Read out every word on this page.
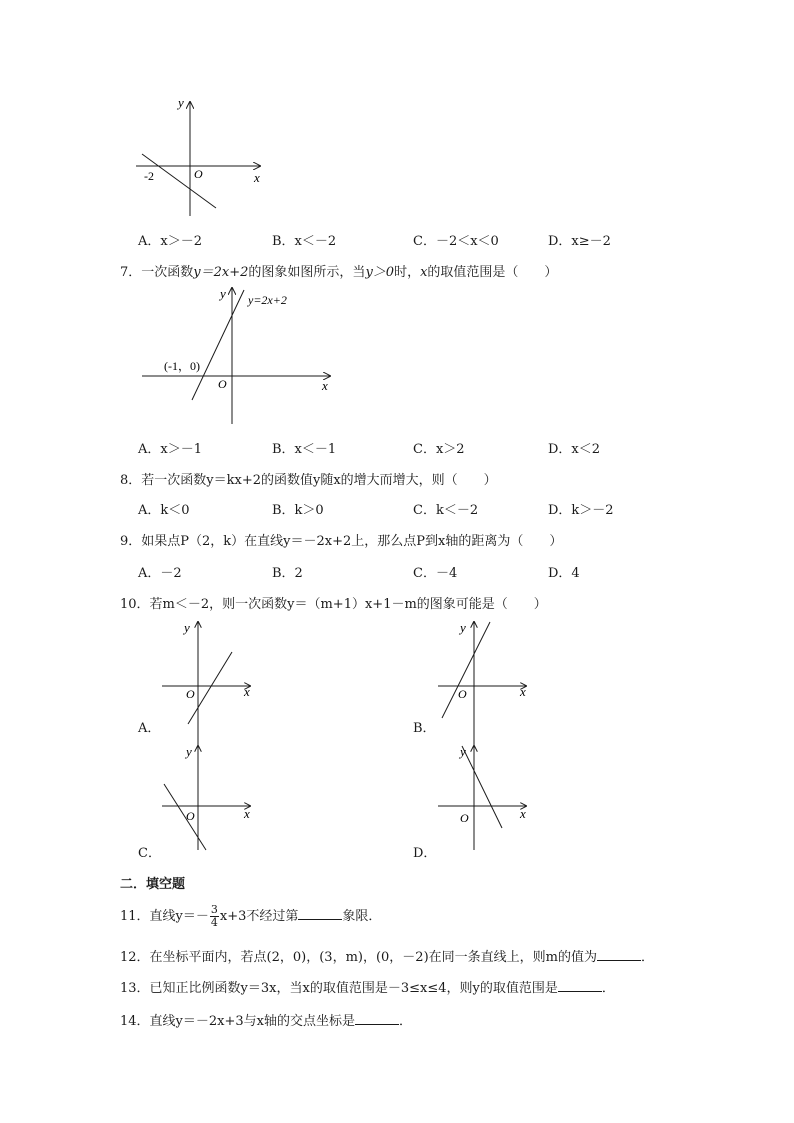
y
x
O
-2
A．x＞－2	B．x＜－2	C．－2＜x＜0	D．x≥－2
7．一次函数y＝2x+2的图象如图所示，当y＞0时，x的取值范围是（　　）
y y=2x+2
(-1，0)
O	x
A．x＞－1	B．x＜－1	C．x＞2	D．x＜2
8．若一次函数y＝kx+2的函数值y随x的增大而增大，则（　　）
A．k＜0	B．k＞0	C．k＜－2	D．k＞－2
9．如果点P（2，k）在直线y＝－2x+2上，那么点P到x轴的距离为（　　）
A．－2	B．2	C．－4	D．4
10．若m＜－2，则一次函数y＝（m+1）x+1－m的图象可能是（　　）
y
x
O
A．
y
x
O
B．
y
x
O
C．
y
x
O
D．
二．填空题
11．直线$y=- \frac{3}{4} x+3$不经过第	象限．
12．在坐标平面内，若点(2，0)，(3，m)，(0，－2)在同一条直线上，则m的值为	．
13．已知正比例函数y＝3x，当x的取值范围是－3≤x≤4，则y的取值范围是	．
14．直线y＝－2x+3与x轴的交点坐标是	．
